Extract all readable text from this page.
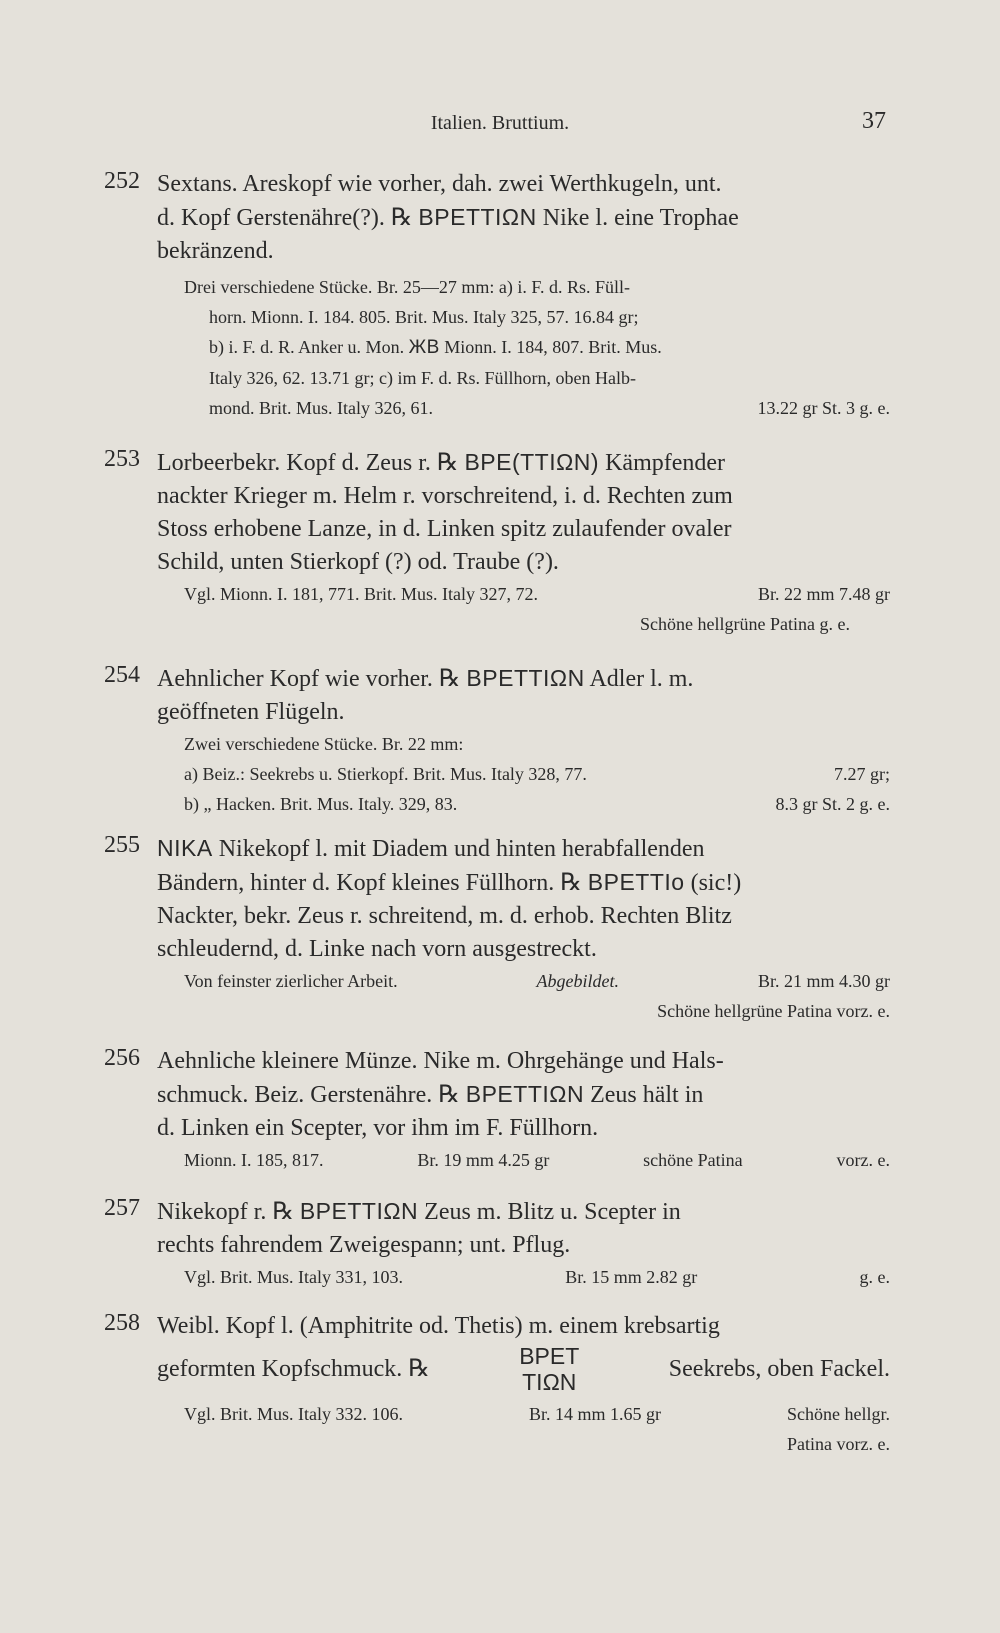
Italien. Bruttium.	37
252 Sextans. Areskopf wie vorher, dah. zwei Werthkugeln, unt.
d. Kopf Gerstenähre(?). ℞ BPETTIΩN Nike l. eine Trophae
bekränzend.
Drei verschiedene Stücke. Br. 25—27 mm: a) i. F. d. Rs. Füll-
horn. Mionn. I. 184. 805. Brit. Mus. Italy 325, 57. 16.84 gr;
b) i. F. d. R. Anker u. Mon. ЖB Mionn. I. 184, 807. Brit. Mus.
Italy 326, 62. 13.71 gr; c) im F. d. Rs. Füllhorn, oben Halb-
mond. Brit. Mus. Italy 326, 61.	13.22 gr St. 3 g. e.
253 Lorbeerbekr. Kopf d. Zeus r. ℞ BPE(TTIΩN) Kämpfender
nackter Krieger m. Helm r. vorschreitend, i. d. Rechten zum
Stoss erhobene Lanze, in d. Linken spitz zulaufender ovaler
Schild, unten Stierkopf (?) od. Traube (?).
Vgl. Mionn. I. 181, 771. Brit. Mus. Italy 327, 72.	Br. 22 mm 7.48 gr
Schöne hellgrüne Patina g. e.
254 Aehnlicher Kopf wie vorher. ℞ BPETTIΩN Adler l. m.
geöffneten Flügeln.
Zwei verschiedene Stücke. Br. 22 mm:
a) Beiz.: Seekrebs u. Stierkopf. Brit. Mus. Italy 328, 77.	7.27 gr;
b) „ Hacken. Brit. Mus. Italy. 329, 83.	8.3 gr St. 2 g. e.
255 NIKA Nikekopf l. mit Diadem und hinten herabfallenden
Bändern, hinter d. Kopf kleines Füllhorn. ℞ BPETTIo (sic!)
Nackter, bekr. Zeus r. schreitend, m. d. erhob. Rechten Blitz
schleudernd, d. Linke nach vorn ausgestreckt.
Von feinster zierlicher Arbeit.	Abgebildet.	Br. 21 mm 4.30 gr
Schöne hellgrüne Patina vorz. e.
256 Aehnliche kleinere Münze. Nike m. Ohrgehänge und Hals-
schmuck. Beiz. Gerstenähre. ℞ BPETTIΩN Zeus hält in
d. Linken ein Scepter, vor ihm im F. Füllhorn.
Mionn. I. 185, 817.	Br. 19 mm 4.25 gr	schöne Patina	vorz. e.
257 Nikekopf r. ℞ BPETTIΩN Zeus m. Blitz u. Scepter in
rechts fahrendem Zweigespann; unt. Pflug.
Vgl. Brit. Mus. Italy 331, 103.	Br. 15 mm 2.82 gr	g. e.
258 Weibl. Kopf l. (Amphitrite od. Thetis) m. einem krebsartig
geformten Kopfschmuck. ℞	BPET
TIΩN
Seekrebs, oben Fackel.
Vgl. Brit. Mus. Italy 332. 106.	Br. 14 mm 1.65 gr	Schöne hellgr.
Patina vorz. e.
